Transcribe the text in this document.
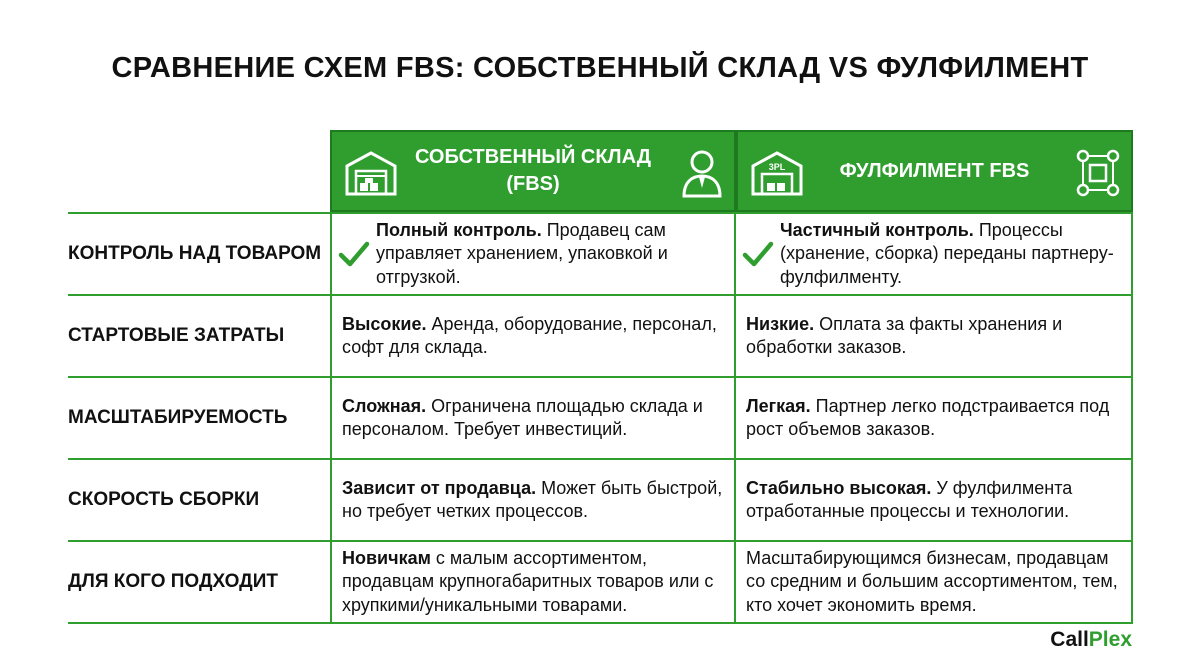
СРАВНЕНИЕ СХЕМ FBS: СОБСТВЕННЫЙ СКЛАД VS ФУЛФИЛМЕНТ
СОБСТВЕННЫЙ СКЛАД
(FBS)
3PL	ФУЛФИЛМЕНТ FBS
КОНТРОЛЬ НАД ТОВАРОМ
Полный контроль. Продавец сам управляет хранением, упаковкой и отгрузкой.
Частичный контроль. Процессы (хранение, сборка) переданы партнеру-фулфилменту.
СТАРТОВЫЕ ЗАТРАТЫ
Высокие. Аренда, оборудование, персонал, софт для склада.
Низкие. Оплата за факты хранения и обработки заказов.
МАСШТАБИРУЕМОСТЬ
Сложная. Ограничена площадью склада и персоналом. Требует инвестиций.
Легкая. Партнер легко подстраивается под рост объемов заказов.
СКОРОСТЬ СБОРКИ
Зависит от продавца. Может быть быстрой, но требует четких процессов.
Стабильно высокая. У фулфилмента отработанные процессы и технологии.
ДЛЯ КОГО ПОДХОДИТ
Новичкам с малым ассортиментом, продавцам крупногабаритных товаров или с хрупкими/уникальными товарами.
Масштабирующимся бизнесам, продавцам со средним и большим ассортиментом, тем, кто хочет экономить время.
CallPlex
